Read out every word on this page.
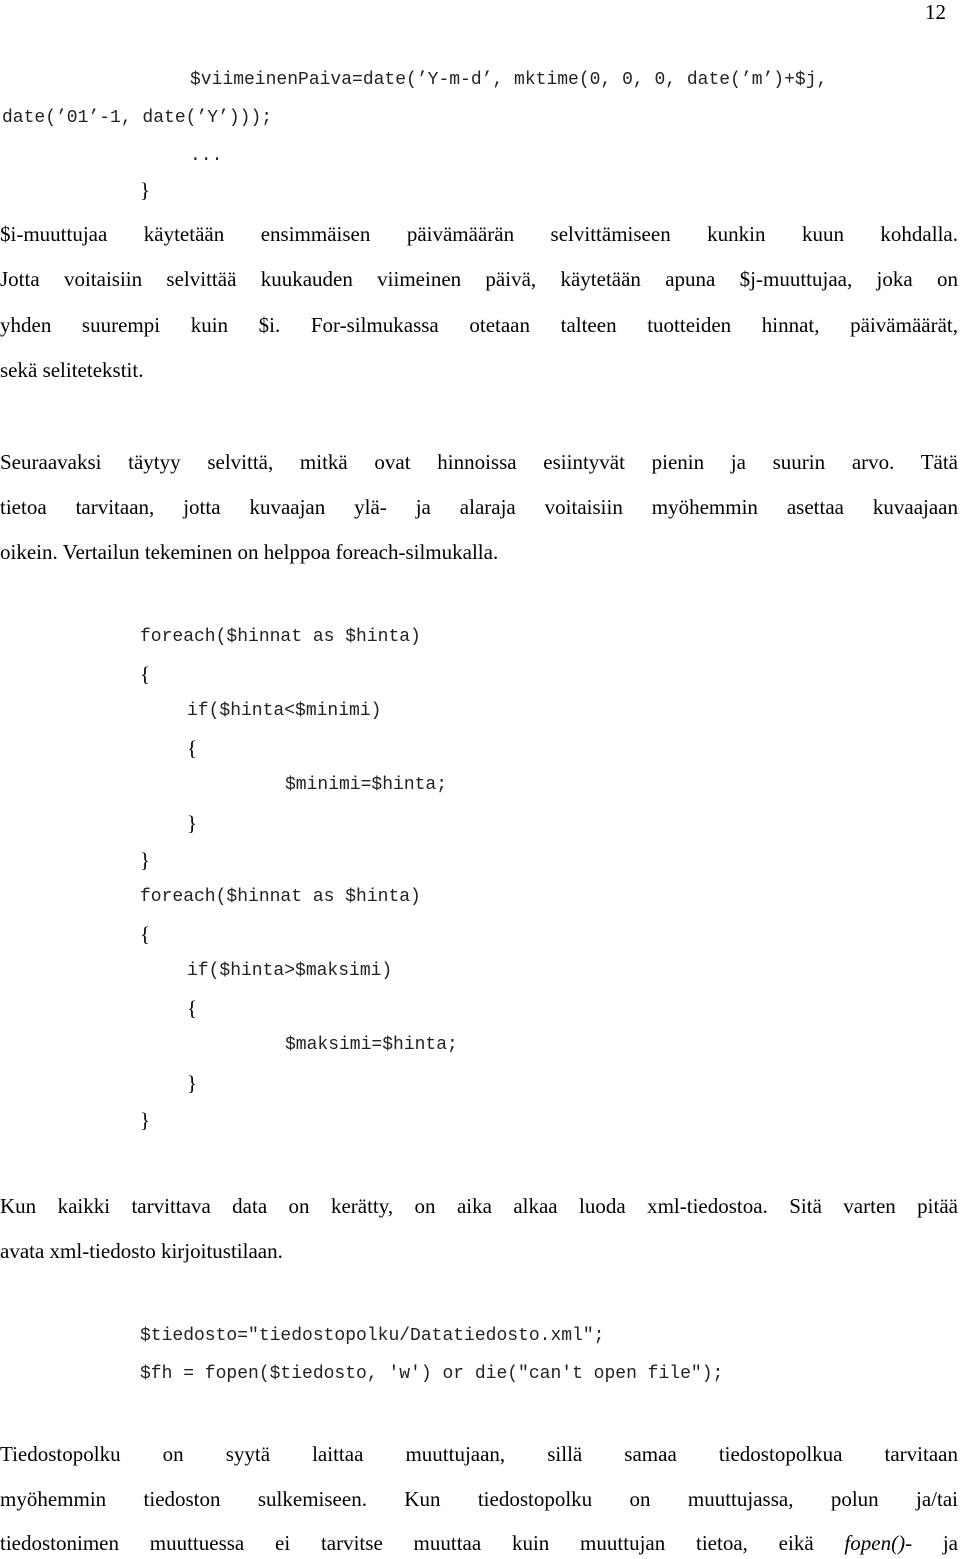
12
$viimeinenPaiva=date(’Y-m-d’, mktime(0, 0, 0, date(’m’)+$j,
date(’01’-1, date(’Y’)));
...
}
$i-muuttujaa käytetään ensimmäisen päivämäärän selvittämiseen kunkin kuun kohdalla.
Jotta voitaisiin selvittää kuukauden viimeinen päivä, käytetään apuna $j-muuttujaa, joka on
yhden suurempi kuin $i. For-silmukassa otetaan talteen tuotteiden hinnat, päivämäärät,
sekä selitetekstit.
Seuraavaksi täytyy selvittä, mitkä ovat hinnoissa esiintyvät pienin ja suurin arvo. Tätä
tietoa tarvitaan, jotta kuvaajan ylä- ja alaraja voitaisiin myöhemmin asettaa kuvaajaan
oikein. Vertailun tekeminen on helppoa foreach-silmukalla.
foreach($hinnat as $hinta)
{
if($hinta<$minimi)
{
$minimi=$hinta;
}
}
foreach($hinnat as $hinta)
{
if($hinta>$maksimi)
{
$maksimi=$hinta;
}
}
Kun kaikki tarvittava data on kerätty, on aika alkaa luoda xml-tiedostoa. Sitä varten pitää
avata xml-tiedosto kirjoitustilaan.
$tiedosto="tiedostopolku/Datatiedosto.xml";
$fh = fopen($tiedosto, 'w') or die("can't open file");
Tiedostopolku on syytä laittaa muuttujaan, sillä samaa tiedostopolkua tarvitaan
myöhemmin tiedoston sulkemiseen. Kun tiedostopolku on muuttujassa, polun ja/tai
tiedostonimen muuttuessa ei tarvitse muuttaa kuin muuttujan tietoa, eikä fopen()- ja
